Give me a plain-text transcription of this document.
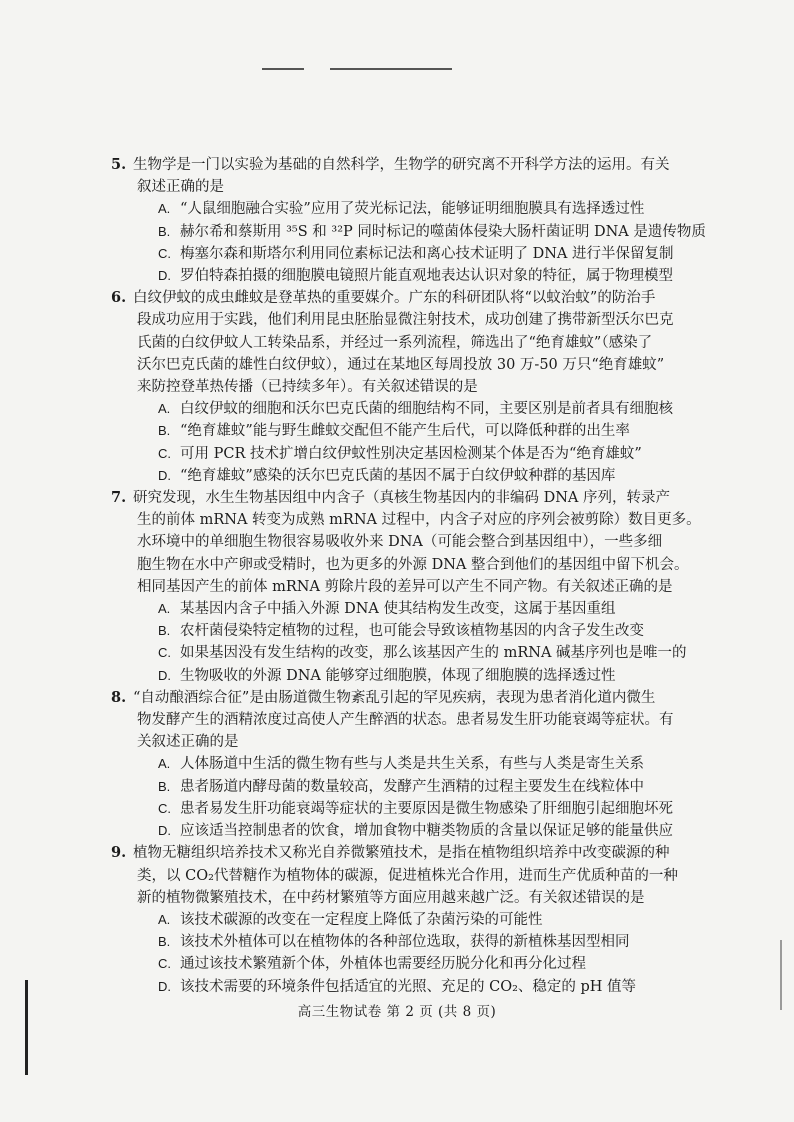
5. 生物学是一门以实验为基础的自然科学，生物学的研究离不开科学方法的运用。有关
叙述正确的是
A. “人鼠细胞融合实验”应用了荧光标记法，能够证明细胞膜具有选择透过性
B. 赫尔希和蔡斯用 ³⁵S 和 ³²P 同时标记的噬菌体侵染大肠杆菌证明 DNA 是遗传物质
C. 梅塞尔森和斯塔尔利用同位素标记法和离心技术证明了 DNA 进行半保留复制
D. 罗伯特森拍摄的细胞膜电镜照片能直观地表达认识对象的特征，属于物理模型
6. 白纹伊蚊的成虫雌蚊是登革热的重要媒介。广东的科研团队将“以蚊治蚊”的防治手
段成功应用于实践，他们利用昆虫胚胎显微注射技术，成功创建了携带新型沃尔巴克
氏菌的白纹伊蚊人工转染品系，并经过一系列流程，筛选出了“绝育雄蚊”（感染了
沃尔巴克氏菌的雄性白纹伊蚊），通过在某地区每周投放 30 万-50 万只“绝育雄蚊”
来防控登革热传播（已持续多年）。有关叙述错误的是
A. 白纹伊蚊的细胞和沃尔巴克氏菌的细胞结构不同，主要区别是前者具有细胞核
B. “绝育雄蚊”能与野生雌蚊交配但不能产生后代，可以降低种群的出生率
C. 可用 PCR 技术扩增白纹伊蚊性别决定基因检测某个体是否为“绝育雄蚊”
D. “绝育雄蚊”感染的沃尔巴克氏菌的基因不属于白纹伊蚊种群的基因库
7. 研究发现，水生生物基因组中内含子（真核生物基因内的非编码 DNA 序列，转录产
生的前体 mRNA 转变为成熟 mRNA 过程中，内含子对应的序列会被剪除）数目更多。
水环境中的单细胞生物很容易吸收外来 DNA（可能会整合到基因组中），一些多细
胞生物在水中产卵或受精时，也为更多的外源 DNA 整合到他们的基因组中留下机会。
相同基因产生的前体 mRNA 剪除片段的差异可以产生不同产物。有关叙述正确的是
A. 某基因内含子中插入外源 DNA 使其结构发生改变，这属于基因重组
B. 农杆菌侵染特定植物的过程，也可能会导致该植物基因的内含子发生改变
C. 如果基因没有发生结构的改变，那么该基因产生的 mRNA 碱基序列也是唯一的
D. 生物吸收的外源 DNA 能够穿过细胞膜，体现了细胞膜的选择透过性
8. “自动酿酒综合征”是由肠道微生物紊乱引起的罕见疾病，表现为患者消化道内微生
物发酵产生的酒精浓度过高使人产生醉酒的状态。患者易发生肝功能衰竭等症状。有
关叙述正确的是
A. 人体肠道中生活的微生物有些与人类是共生关系，有些与人类是寄生关系
B. 患者肠道内酵母菌的数量较高，发酵产生酒精的过程主要发生在线粒体中
C. 患者易发生肝功能衰竭等症状的主要原因是微生物感染了肝细胞引起细胞坏死
D. 应该适当控制患者的饮食，增加食物中糖类物质的含量以保证足够的能量供应
9. 植物无糖组织培养技术又称光自养微繁殖技术，是指在植物组织培养中改变碳源的种
类，以 CO₂代替糖作为植物体的碳源，促进植株光合作用，进而生产优质种苗的一种
新的植物微繁殖技术，在中药材繁殖等方面应用越来越广泛。有关叙述错误的是
A. 该技术碳源的改变在一定程度上降低了杂菌污染的可能性
B. 该技术外植体可以在植物体的各种部位选取，获得的新植株基因型相同
C. 通过该技术繁殖新个体，外植体也需要经历脱分化和再分化过程
D. 该技术需要的环境条件包括适宜的光照、充足的 CO₂、稳定的 pH 值等
高三生物试卷 第 2 页 (共 8 页)
